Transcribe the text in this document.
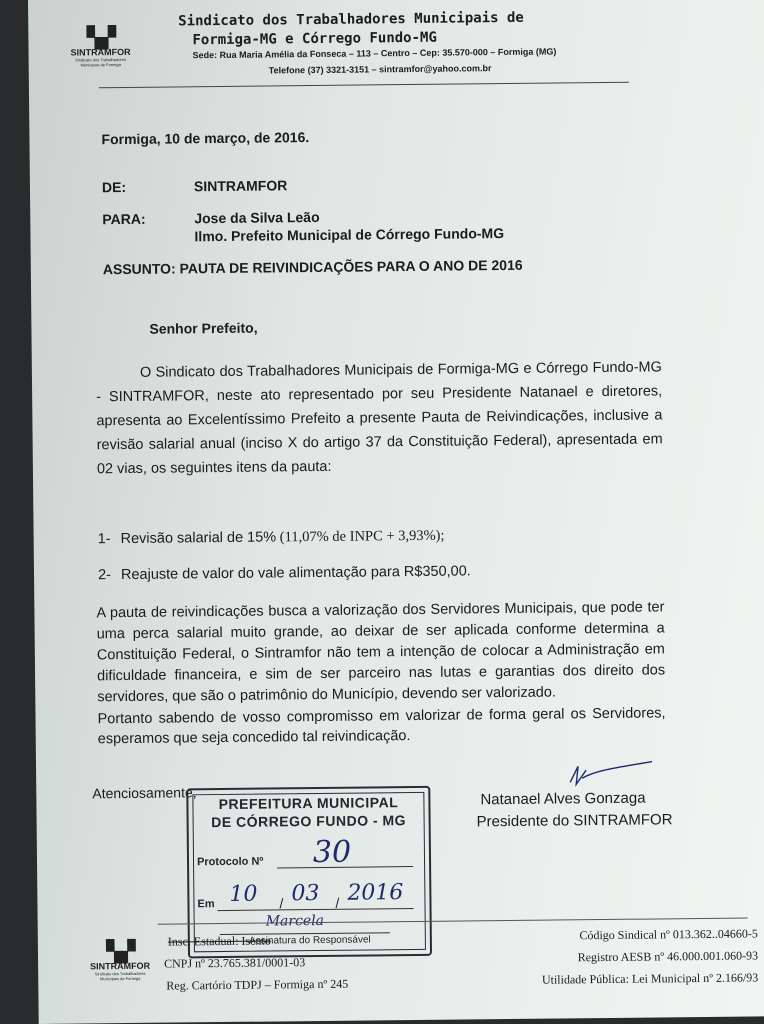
▚▞
SINTRAMFOR
Sindicato dos Trabalhadores Municipais de Formiga
Sindicato dos Trabalhadores Municipais de
Formiga-MG e Córrego Fundo-MG
Sede: Rua Maria Amélia da Fonseca – 113 – Centro – Cep: 35.570-000 – Formiga (MG)
Telefone (37) 3321-3151 – sintramfor@yahoo.com.br
Formiga, 10 de março, de 2016.
DE:	SINTRAMFOR
PARA:	Jose da Silva Leão
Ilmo. Prefeito Municipal de Córrego Fundo-MG
ASSUNTO: PAUTA DE REIVINDICAÇÕES PARA O ANO DE 2016
Senhor Prefeito,
O Sindicato dos Trabalhadores Municipais de Formiga-MG e Córrego Fundo-MG - SINTRAMFOR, neste ato representado por seu Presidente Natanael e diretores, apresenta ao Excelentíssimo Prefeito a presente Pauta de Reivindicações, inclusive a revisão salarial anual (inciso X do artigo 37 da Constituição Federal), apresentada em 02 vias, os seguintes itens da pauta:
1- Revisão salarial de 15% (11,07% de INPC + 3,93%);
2- Reajuste de valor do vale alimentação para R$350,00.
A pauta de reivindicações busca a valorização dos Servidores Municipais, que pode ter uma perca salarial muito grande, ao deixar de ser aplicada conforme determina a Constituição Federal, o Sintramfor não tem a intenção de colocar a Administração em dificuldade financeira, e sim de ser parceiro nas lutas e garantias dos direito dos servidores, que são o patrimônio do Município, devendo ser valorizado.
Portanto sabendo de vosso compromisso em valorizar de forma geral os Servidores, esperamos que seja concedido tal reivindicação.
Atenciosamente,	Natanael Alves Gonzaga
Presidente do SINTRAMFOR
PREFEITURA MUNICIPAL
DE CÓRREGO FUNDO - MG
Protocolo Nº 30
Em 10 / 03 / 2016
Marcela
Assinatura do Responsável
▚▞
SINTRAMFOR
Sindicato dos Trabalhadores Municipais de Formiga
Insc. Estadual: Isento
CNPJ nº 23.765.381/0001-03
Reg. Cartório TDPJ – Formiga nº 245
Código Sindical nº 013.362..04660-5
Registro AESB nº 46.000.001.060-93
Utilidade Pública: Lei Municipal nº 2.166/93
